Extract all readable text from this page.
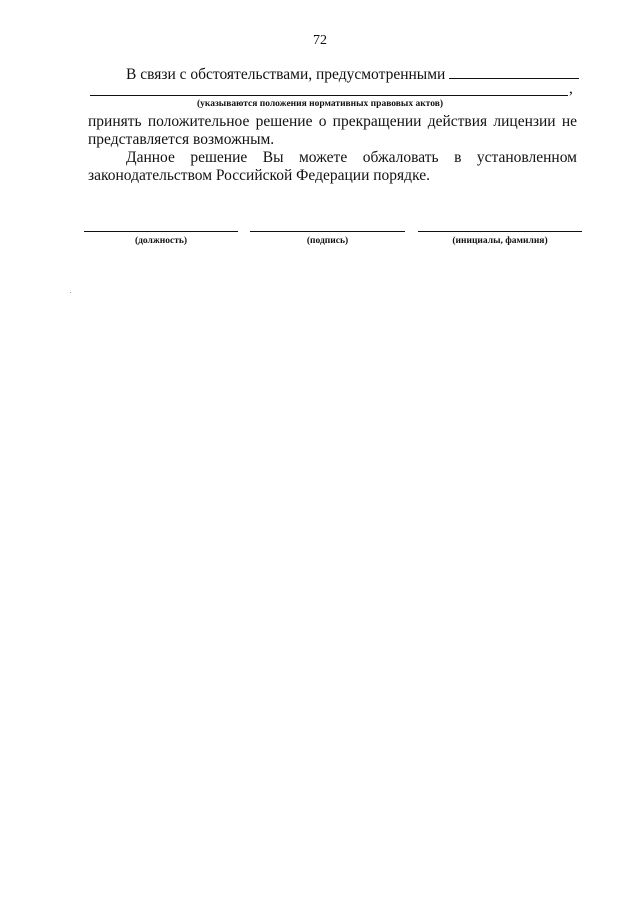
72
В связи с обстоятельствами, предусмотренными
,
(указываются положения нормативных правовых актов)
принять положительное решение о прекращении действия лицензии не
представляется возможным.
Данное решение Вы можете обжаловать в установленном
законодательством Российской Федерации порядке.
(должность)	(подпись)	(инициалы, фамилия)
